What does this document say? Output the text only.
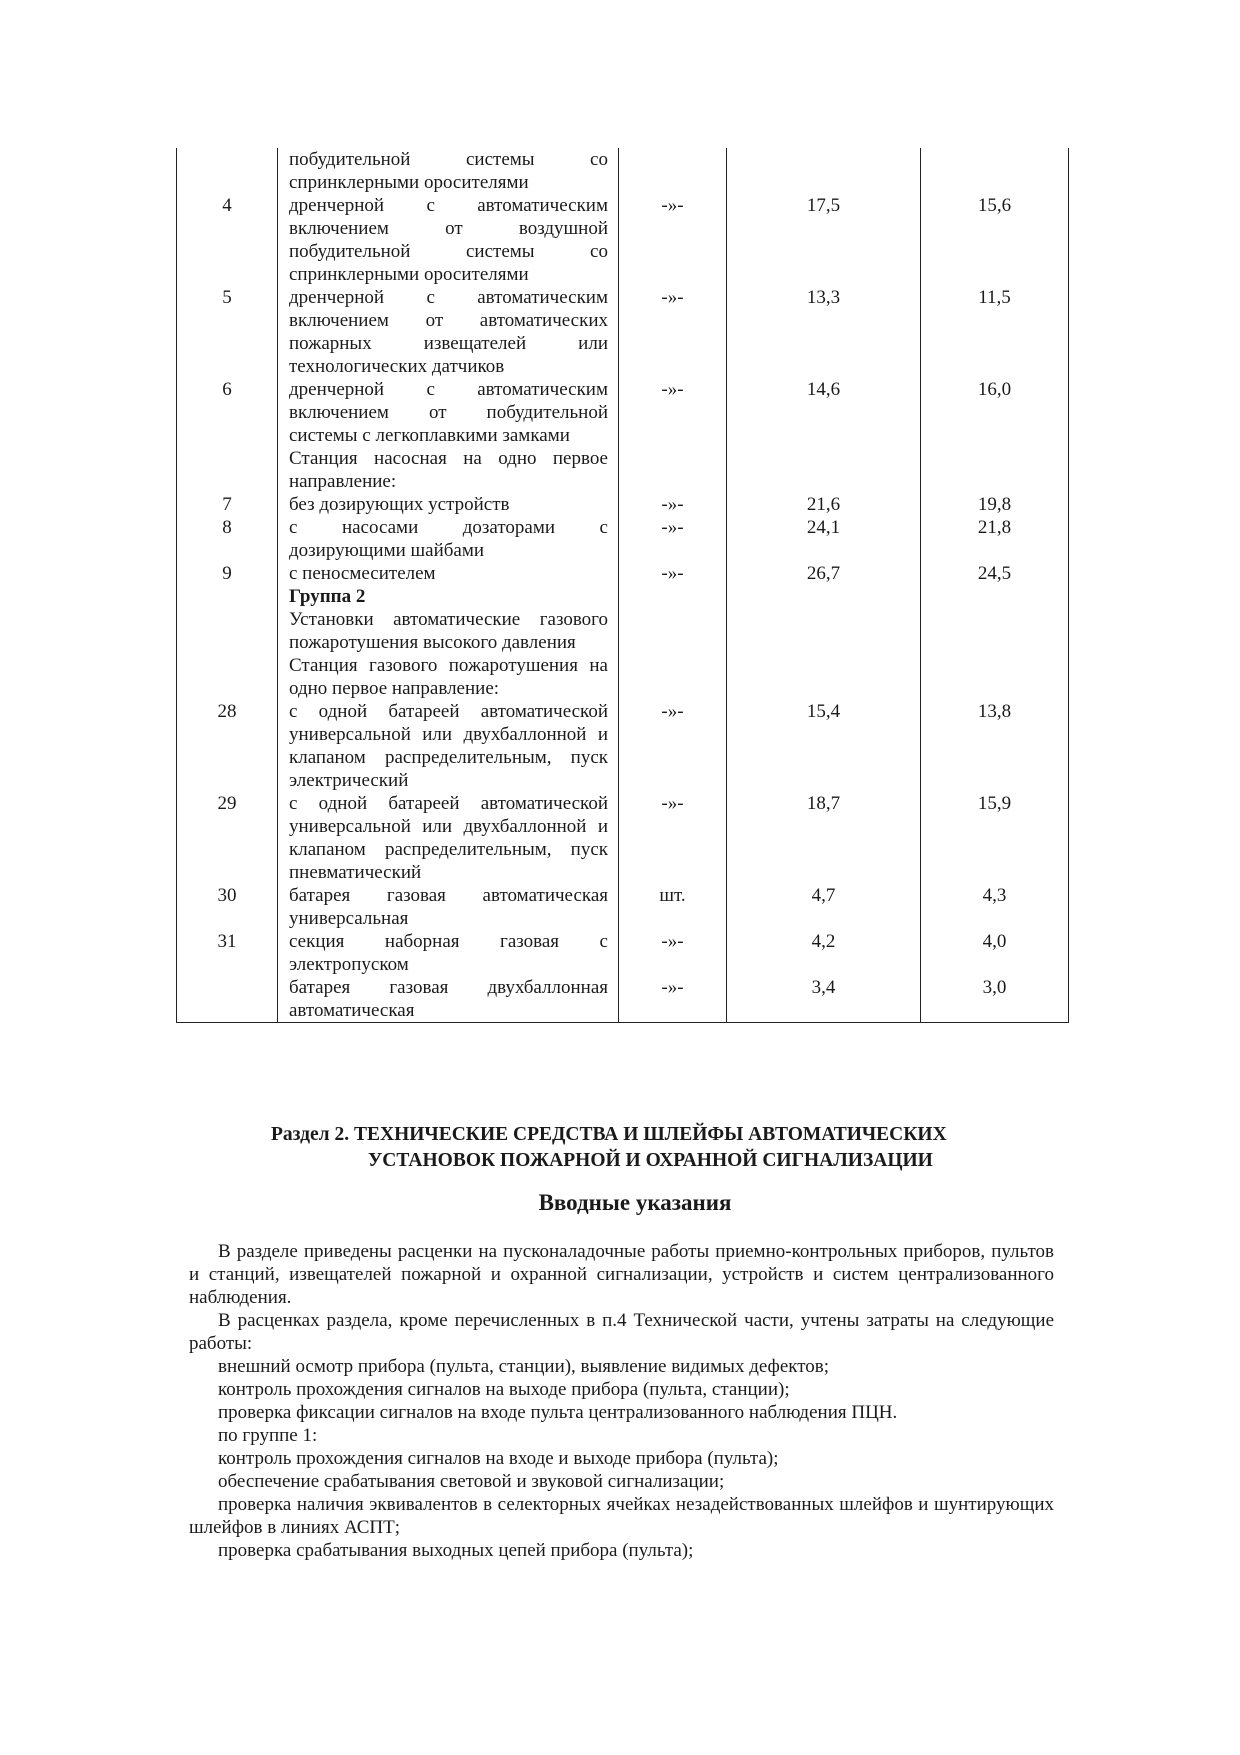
	побудительной системы со спринклерными оросителями			

4	дренчерной с автоматическим включением от воздушной побудительной системы со спринклерными оросителями	-»-	17,5	15,6
5	дренчерной с автоматическим включением от автоматических пожарных извещателей или технологических датчиков	-»-	13,3	11,5
6	дренчерной с автоматическим включением от побудительной системы с легкоплавкими замками	-»-	14,6	16,0

	Станция насосная на одно первое направление:			

7	без дозирующих устройств	-»-	21,6	19,8
8	с насосами дозаторами с дозирующими шайбами	-»-	24,1	21,8
9	с пеносмесителем	-»-	26,7	24,5

	Группа 2

Установки автоматические газового пожаротушения высокого давления

Станция газового пожаротушения на одно первое направление:			

28	с одной батареей автоматической универсальной или двухбаллонной и клапаном распределительным, пуск электрический	-»-	15,4	13,8
29	с одной батареей автоматической универсальной или двухбаллонной и клапаном распределительным, пуск пневматический	-»-	18,7	15,9
30	батарея газовая автоматическая универсальная	шт.	4,7	4,3
31	секция наборная газовая с электропуском	-»-	4,2	4,0

	батарея газовая двухбаллонная автоматическая	-»-	3,4	3,0
Раздел 2. ТЕХНИЧЕСКИЕ СРЕДСТВА И ШЛЕЙФЫ АВТОМАТИЧЕСКИХ
УСТАНОВОК ПОЖАРНОЙ И ОХРАННОЙ СИГНАЛИЗАЦИИ
Вводные указания

В разделе приведены расценки на пусконаладочные работы приемно-контрольных приборов, пультов и станций, извещателей пожарной и охранной сигнализации, устройств и систем централизованного наблюдения.

В расценках раздела, кроме перечисленных в п.4 Технической части, учтены затраты на следующие работы:

внешний осмотр прибора (пульта, станции), выявление видимых дефектов;

контроль прохождения сигналов на выходе прибора (пульта, станции);

проверка фиксации сигналов на входе пульта централизованного наблюдения ПЦН.

по группе 1:

контроль прохождения сигналов на входе и выходе прибора (пульта);

обеспечение срабатывания световой и звуковой сигнализации;

проверка наличия эквивалентов в селекторных ячейках незадействованных шлейфов и шунтирующих шлейфов в линиях АСПТ;

проверка срабатывания выходных цепей прибора (пульта);
